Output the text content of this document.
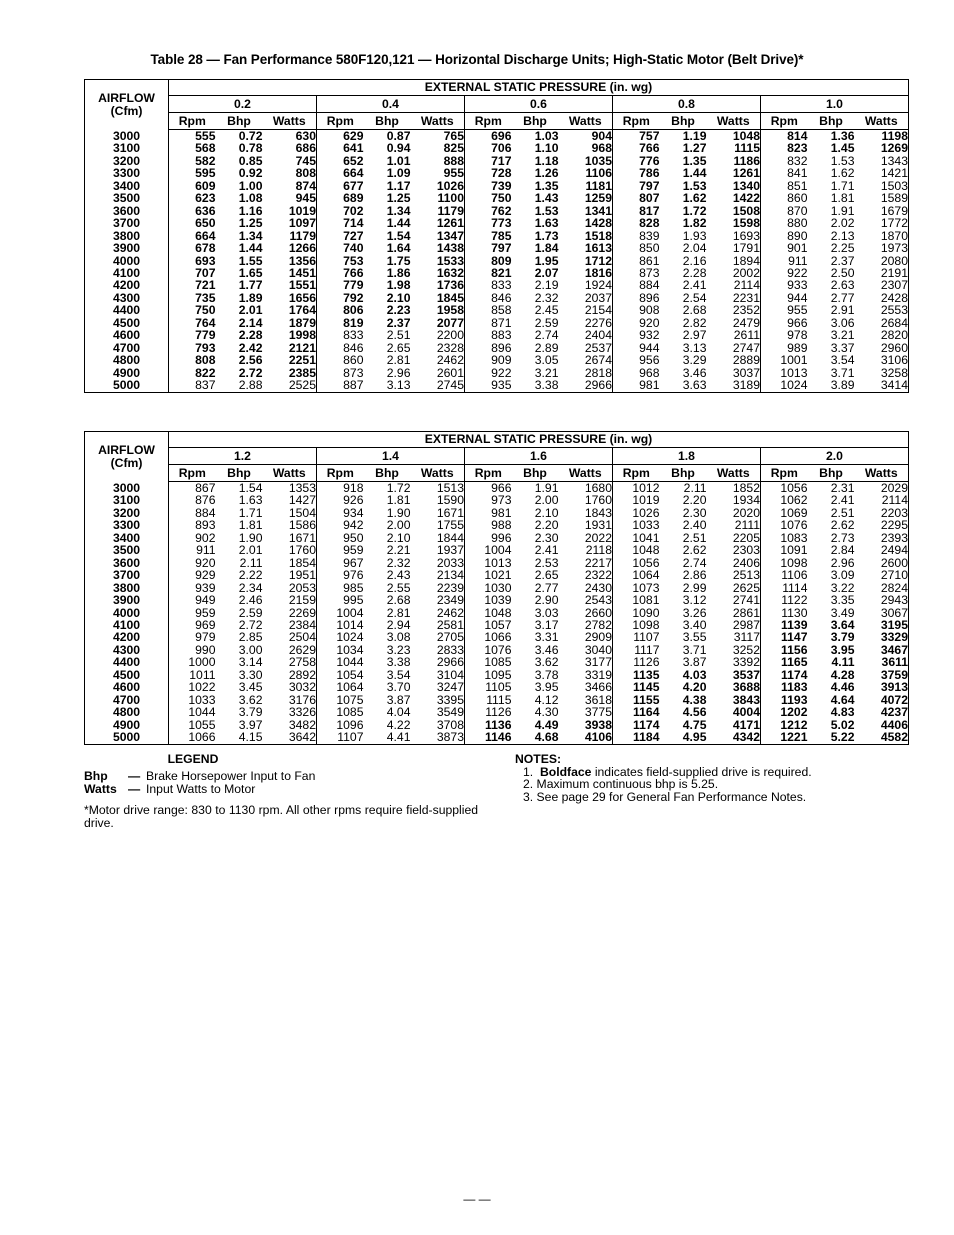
Table 28 — Fan Performance 580F120,121 — Horizontal Discharge Units; High-Static Motor (Belt Drive)*
AIRFLOW
(Cfm)	EXTERNAL STATIC PRESSURE (in. wg)														
	0.2			0.4			0.6			0.8			1.0		
	Rpm	Bhp	Watts	Rpm	Bhp	Watts	Rpm	Bhp	Watts	Rpm	Bhp	Watts	Rpm	Bhp	Watts
3000	555	0.72	630	629	0.87	765	696	1.03	904	757	1.19	1048	814	1.36	1198
3100	568	0.78	686	641	0.94	825	706	1.10	968	766	1.27	1115	823	1.45	1269
3200	582	0.85	745	652	1.01	888	717	1.18	1035	776	1.35	1186	832	1.53	1343
3300	595	0.92	808	664	1.09	955	728	1.26	1106	786	1.44	1261	841	1.62	1421
3400	609	1.00	874	677	1.17	1026	739	1.35	1181	797	1.53	1340	851	1.71	1503
3500	623	1.08	945	689	1.25	1100	750	1.43	1259	807	1.62	1422	860	1.81	1589
3600	636	1.16	1019	702	1.34	1179	762	1.53	1341	817	1.72	1508	870	1.91	1679
3700	650	1.25	1097	714	1.44	1261	773	1.63	1428	828	1.82	1598	880	2.02	1772
3800	664	1.34	1179	727	1.54	1347	785	1.73	1518	839	1.93	1693	890	2.13	1870
3900	678	1.44	1266	740	1.64	1438	797	1.84	1613	850	2.04	1791	901	2.25	1973
4000	693	1.55	1356	753	1.75	1533	809	1.95	1712	861	2.16	1894	911	2.37	2080
4100	707	1.65	1451	766	1.86	1632	821	2.07	1816	873	2.28	2002	922	2.50	2191
4200	721	1.77	1551	779	1.98	1736	833	2.19	1924	884	2.41	2114	933	2.63	2307
4300	735	1.89	1656	792	2.10	1845	846	2.32	2037	896	2.54	2231	944	2.77	2428
4400	750	2.01	1764	806	2.23	1958	858	2.45	2154	908	2.68	2352	955	2.91	2553
4500	764	2.14	1879	819	2.37	2077	871	2.59	2276	920	2.82	2479	966	3.06	2684
4600	779	2.28	1998	833	2.51	2200	883	2.74	2404	932	2.97	2611	978	3.21	2820
4700	793	2.42	2121	846	2.65	2328	896	2.89	2537	944	3.13	2747	989	3.37	2960
4800	808	2.56	2251	860	2.81	2462	909	3.05	2674	956	3.29	2889	1001	3.54	3106
4900	822	2.72	2385	873	2.96	2601	922	3.21	2818	968	3.46	3037	1013	3.71	3258
5000	837	2.88	2525	887	3.13	2745	935	3.38	2966	981	3.63	3189	1024	3.89	3414
AIRFLOW
(Cfm)	EXTERNAL STATIC PRESSURE (in. wg)														
	1.2			1.4			1.6			1.8			2.0		
	Rpm	Bhp	Watts	Rpm	Bhp	Watts	Rpm	Bhp	Watts	Rpm	Bhp	Watts	Rpm	Bhp	Watts
3000	867	1.54	1353	918	1.72	1513	966	1.91	1680	1012	2.11	1852	1056	2.31	2029
3100	876	1.63	1427	926	1.81	1590	973	2.00	1760	1019	2.20	1934	1062	2.41	2114
3200	884	1.71	1504	934	1.90	1671	981	2.10	1843	1026	2.30	2020	1069	2.51	2203
3300	893	1.81	1586	942	2.00	1755	988	2.20	1931	1033	2.40	2111	1076	2.62	2295
3400	902	1.90	1671	950	2.10	1844	996	2.30	2022	1041	2.51	2205	1083	2.73	2393
3500	911	2.01	1760	959	2.21	1937	1004	2.41	2118	1048	2.62	2303	1091	2.84	2494
3600	920	2.11	1854	967	2.32	2033	1013	2.53	2217	1056	2.74	2406	1098	2.96	2600
3700	929	2.22	1951	976	2.43	2134	1021	2.65	2322	1064	2.86	2513	1106	3.09	2710
3800	939	2.34	2053	985	2.55	2239	1030	2.77	2430	1073	2.99	2625	1114	3.22	2824
3900	949	2.46	2159	995	2.68	2349	1039	2.90	2543	1081	3.12	2741	1122	3.35	2943
4000	959	2.59	2269	1004	2.81	2462	1048	3.03	2660	1090	3.26	2861	1130	3.49	3067
4100	969	2.72	2384	1014	2.94	2581	1057	3.17	2782	1098	3.40	2987	1139	3.64	3195
4200	979	2.85	2504	1024	3.08	2705	1066	3.31	2909	1107	3.55	3117	1147	3.79	3329
4300	990	3.00	2629	1034	3.23	2833	1076	3.46	3040	1117	3.71	3252	1156	3.95	3467
4400	1000	3.14	2758	1044	3.38	2966	1085	3.62	3177	1126	3.87	3392	1165	4.11	3611
4500	1011	3.30	2892	1054	3.54	3104	1095	3.78	3319	1135	4.03	3537	1174	4.28	3759
4600	1022	3.45	3032	1064	3.70	3247	1105	3.95	3466	1145	4.20	3688	1183	4.46	3913
4700	1033	3.62	3176	1075	3.87	3395	1115	4.12	3618	1155	4.38	3843	1193	4.64	4072
4800	1044	3.79	3326	1085	4.04	3549	1126	4.30	3775	1164	4.56	4004	1202	4.83	4237
4900	1055	3.97	3482	1096	4.22	3708	1136	4.49	3938	1174	4.75	4171	1212	5.02	4406
5000	1066	4.15	3642	1107	4.41	3873	1146	4.68	4106	1184	4.95	4342	1221	5.22	4582
LEGEND
Bhp	— Brake Horsepower Input to Fan
Watts — Input Watts to Motor
*Motor drive range: 830 to 1130 rpm. All other rpms require field-supplied drive.
NOTES:
1. Boldface indicates field-supplied drive is required.
2. Maximum continuous bhp is 5.25.
3. See page 29 for General Fan Performance Notes.
— —
